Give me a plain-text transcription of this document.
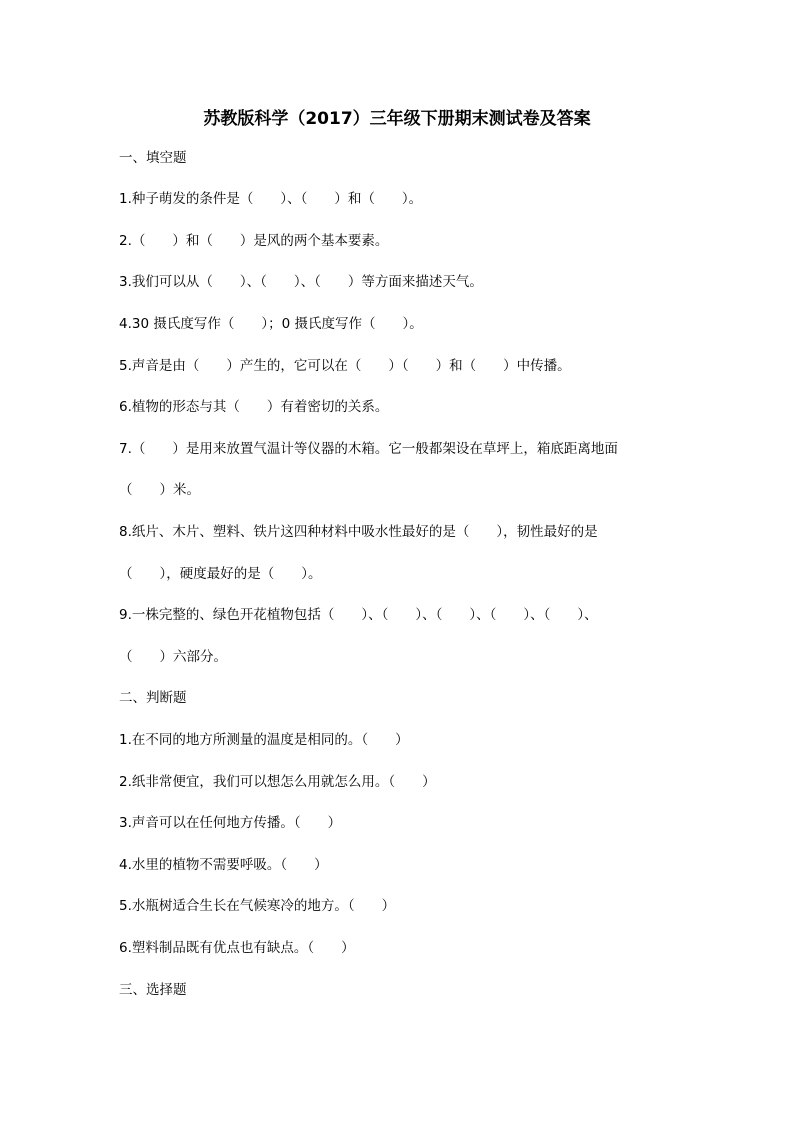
苏教版科学（2017）三年级下册期末测试卷及答案
一、填空题
1.种子萌发的条件是（　　）、（　　）和（　　）。
2.（　　）和（　　）是风的两个基本要素。
3.我们可以从（　　）、（　　）、（　　）等方面来描述天气。
4.30 摄氏度写作（　　）；0 摄氏度写作（　　）。
5.声音是由（　　）产生的，它可以在（　　）（　　）和（　　）中传播。
6.植物的形态与其（　　）有着密切的关系。
7.（　　）是用来放置气温计等仪器的木箱。它一般都架设在草坪上，箱底距离地面
（　　）米。
8.纸片、木片、塑料、铁片这四种材料中吸水性最好的是（　　），韧性最好的是
（　　），硬度最好的是（　　）。
9.一株完整的、绿色开花植物包括（　　）、（　　）、（　　）、（　　）、（　　）、
（　　）六部分。
二、判断题
1.在不同的地方所测量的温度是相同的。（　　）
2.纸非常便宜，我们可以想怎么用就怎么用。（　　）
3.声音可以在任何地方传播。（　　）
4.水里的植物不需要呼吸。（　　）
5.水瓶树适合生长在气候寒冷的地方。（　　）
6.塑料制品既有优点也有缺点。（　　）
三、选择题
